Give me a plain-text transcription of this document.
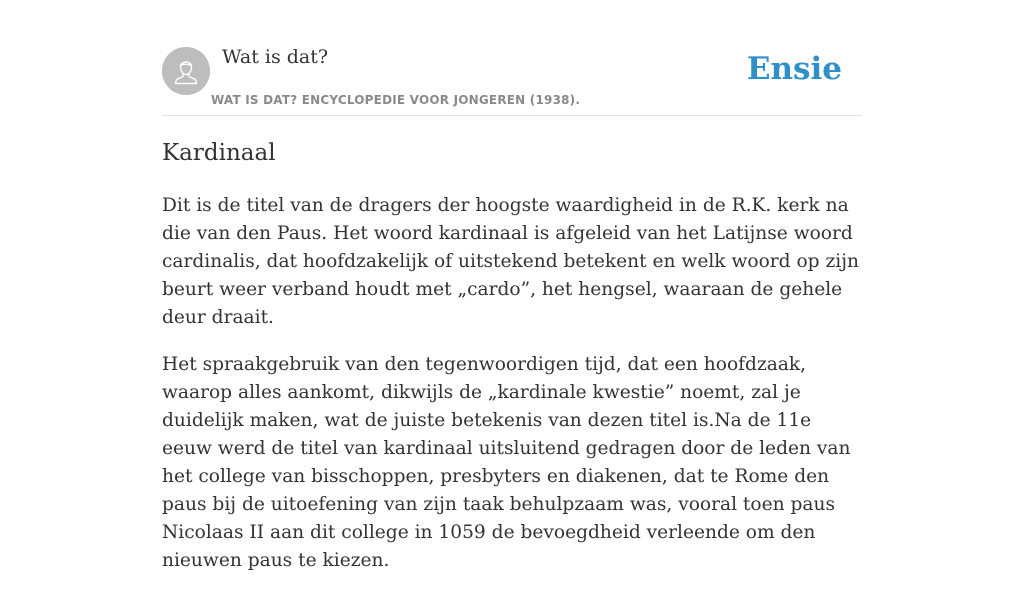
Wat is dat?
WAT IS DAT? ENCYCLOPEDIE VOOR JONGEREN (1938).
Ensie
Kardinaal

Dit is de titel van de dragers der hoogste waardigheid in de R.K. kerk na die van den Paus. Het woord kardinaal is afgeleid van het Latijnse woord cardinalis, dat hoofdzakelijk of uitstekend betekent en welk woord op zijn beurt weer verband houdt met „cardo”, het hengsel, waaraan de gehele deur draait.

Het spraakgebruik van den tegenwoordigen tijd, dat een hoofdzaak, waarop alles aankomt, dikwijls de „kardinale kwestie” noemt, zal je duidelijk maken, wat de juiste betekenis van dezen titel is.Na de 11e eeuw werd de titel van kardinaal uitsluitend gedragen door de leden van het college van bisschoppen, presbyters en diakenen, dat te Rome den paus bij de uitoefening van zijn taak behulpzaam was, vooral toen paus Nicolaas II aan dit college in 1059 de bevoegdheid verleende om den nieuwen paus te kiezen.
